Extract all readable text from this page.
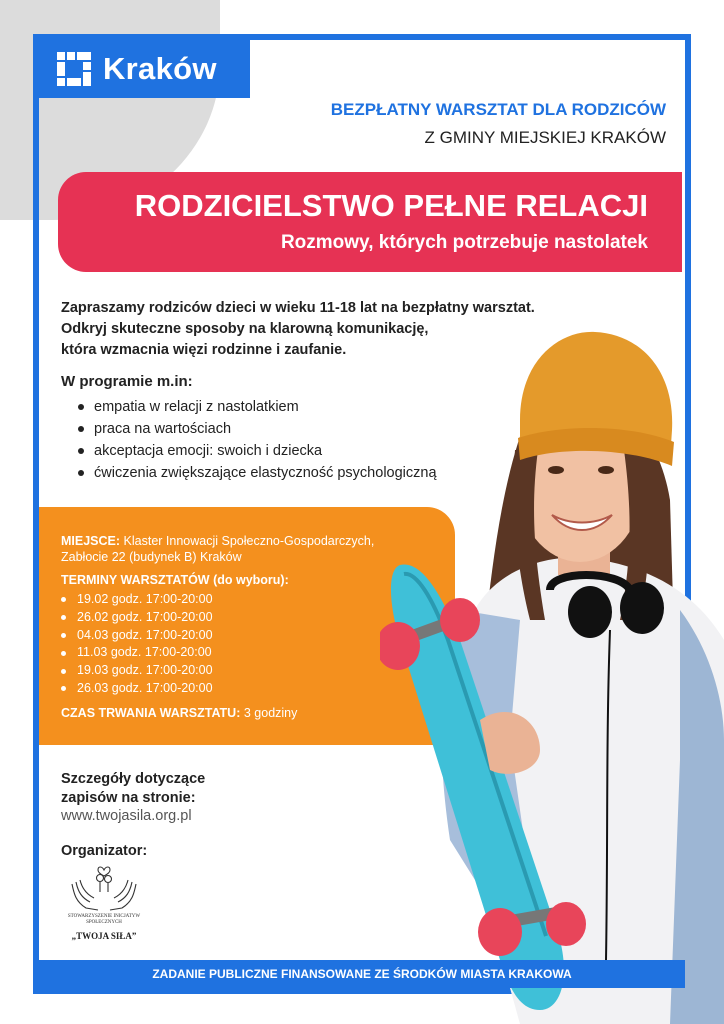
Kraków
BEZPŁATNY WARSZTAT DLA RODZICÓW
Z GMINY MIEJSKIEJ KRAKÓW
RODZICIELSTWO PEŁNE RELACJI
Rozmowy, których potrzebuje nastolatek
Zapraszamy rodziców dzieci w wieku 11-18 lat na bezpłatny warsztat.
Odkryj skuteczne sposoby na klarowną komunikację,
która wzmacnia więzi rodzinne i zaufanie.
W programie m.in:
empatia w relacji z nastolatkiem
praca na wartościach
akceptacja emocji: swoich i dziecka
ćwiczenia zwiększające elastyczność psychologiczną
MIEJSCE: Klaster Innowacji Społeczno-Gospodarczych,
Zabłocie 22 (budynek B) Kraków
TERMINY WARSZTATÓW (do wyboru):
19.02 godz. 17:00-20:00
26.02 godz. 17:00-20:00
04.03 godz. 17:00-20:00
11.03 godz. 17:00-20:00
19.03 godz. 17:00-20:00
26.03 godz. 17:00-20:00
CZAS TRWANIA WARSZTATU: 3 godziny
Szczegóły dotyczące
zapisów na stronie:
www.twojasila.org.pl
Organizator:
STOWARZYSZENIE INICJATYW SPOŁECZNYCH
„TWOJA SIŁA”
ZADANIE PUBLICZNE FINANSOWANE ZE ŚRODKÓW MIASTA KRAKOWA
